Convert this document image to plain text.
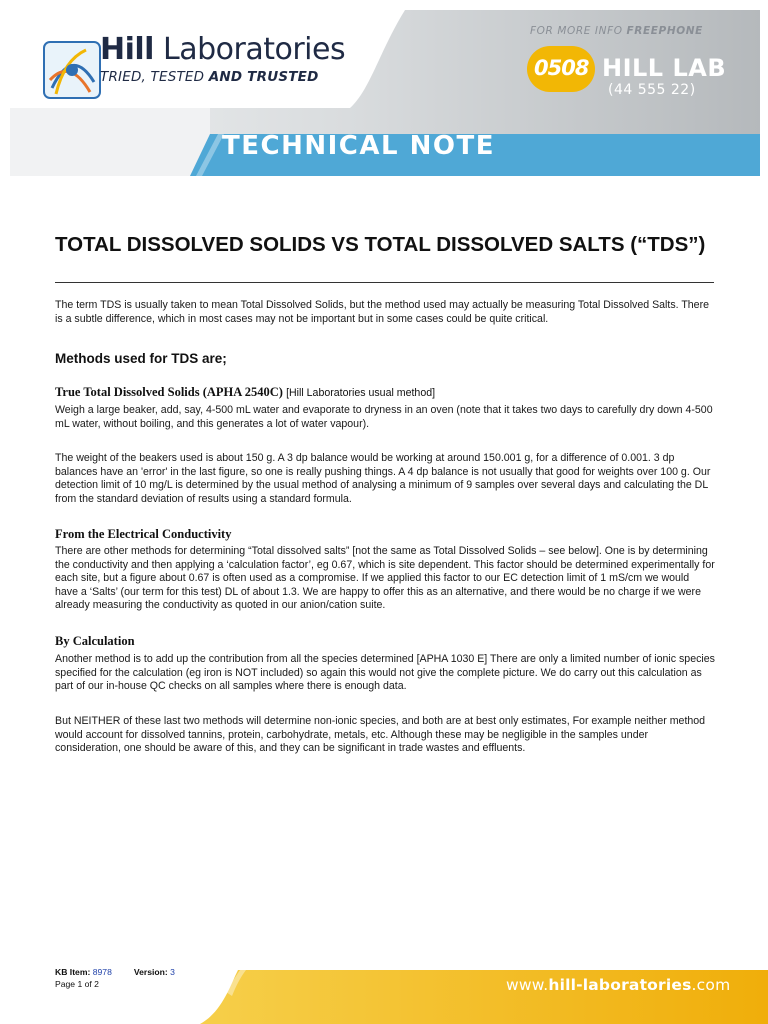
Hill Laboratories
TRIED, TESTED AND TRUSTED
FOR MORE INFO FREEPHONE
0508 HILL LAB
(44 555 22)
TECHNICAL NOTE
TOTAL DISSOLVED SOLIDS VS TOTAL DISSOLVED SALTS (“TDS”)

The term TDS is usually taken to mean Total Dissolved Solids, but the method used may actually be measuring Total Dissolved Salts. There is a subtle difference, which in most cases may not be important but in some cases could be quite critical.

Methods used for TDS are;
True Total Dissolved Solids (APHA 2540C) [Hill Laboratories usual method]

Weigh a large beaker, add, say, 4-500 mL water and evaporate to dryness in an oven (note that it takes two days to carefully dry down 4-500 mL water, without boiling, and this generates a lot of water vapour).

The weight of the beakers used is about 150 g. A 3 dp balance would be working at around 150.001 g, for a difference of 0.001. 3 dp balances have an 'error' in the last figure, so one is really pushing things. A 4 dp balance is not usually that good for weights over 100 g. Our detection limit of 10 mg/L is determined by the usual method of analysing a minimum of 9 samples over several days and calculating the DL from the standard deviation of results using a standard formula.

From the Electrical Conductivity

There are other methods for determining “Total dissolved salts” [not the same as Total Dissolved Solids – see below]. One is by determining the conductivity and then applying a ‘calculation factor’, eg 0.67, which is site dependent. This factor should be determined experimentally for each site, but a figure about 0.67 is often used as a compromise. If we applied this factor to our EC detection limit of 1 mS/cm we would have a ‘Salts’ (our term for this test) DL of about 1.3. We are happy to offer this as an alternative, and there would be no charge if we were already measuring the conductivity as quoted in our anion/cation suite.

By Calculation

Another method is to add up the contribution from all the species determined [APHA 1030 E] There are only a limited number of ionic species specified for the calculation (eg iron is NOT included) so again this would not give the complete picture. We do carry out this calculation as part of our in-house QC checks on all samples where there is enough data.

But NEITHER of these last two methods will determine non-ionic species, and both are at best only estimates, For example neither method would account for dissolved tannins, protein, carbohydrate, metals, etc. Although these may be negligible in the samples under consideration, one should be aware of this, and they can be significant in trade wastes and effluents.

KB Item: 8978	Version: 3
Page 1 of 2	www.hill-laboratories.com
